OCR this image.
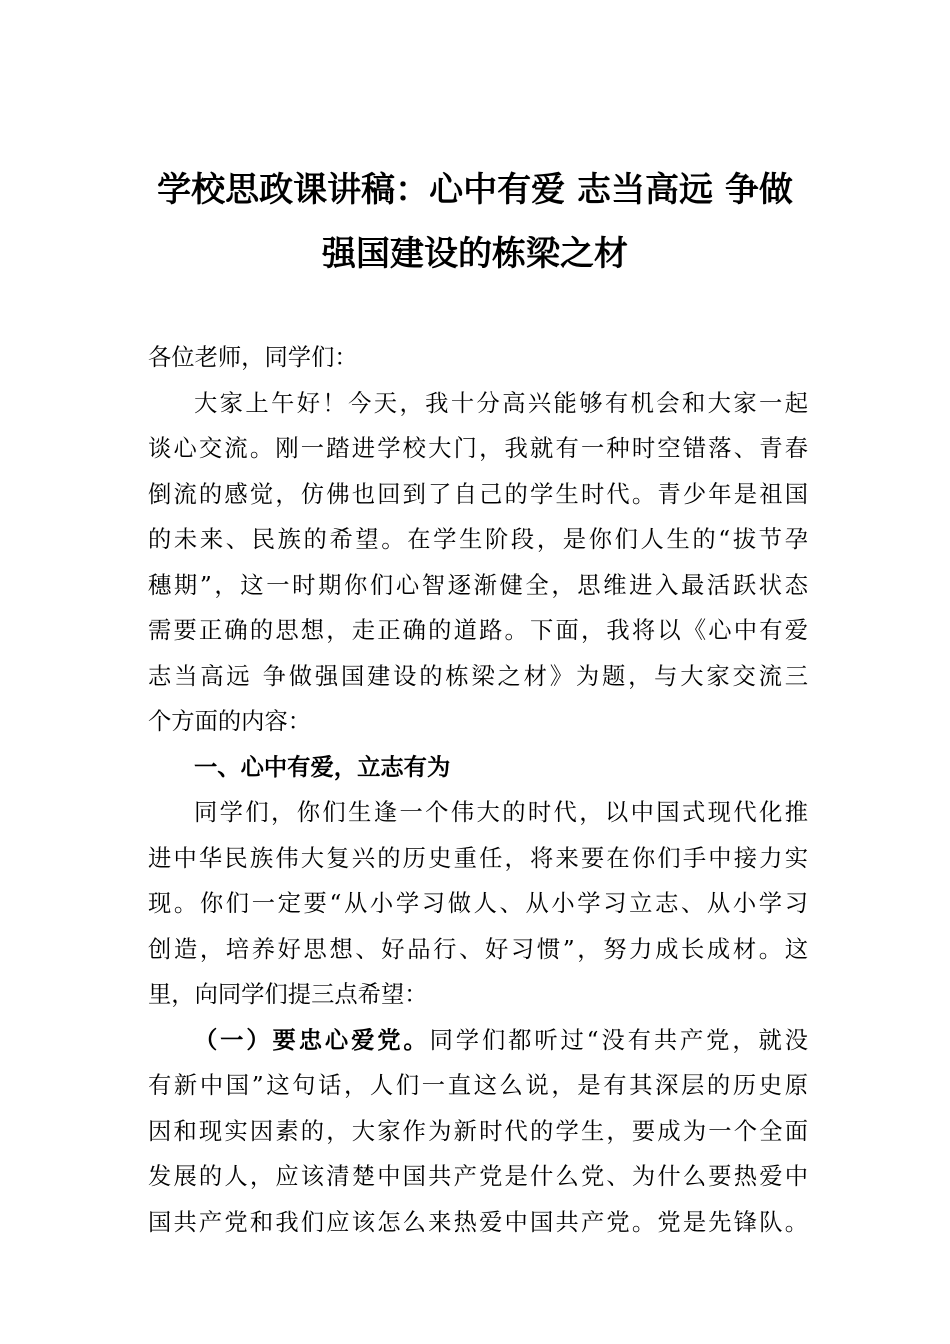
学校思政课讲稿：心中有爱 志当高远 争做
强国建设的栋梁之材
各位老师，同学们：
大家上午好！今天，我十分高兴能够有机会和大家一起
谈心交流。刚一踏进学校大门，我就有一种时空错落、青春
倒流的感觉，仿佛也回到了自己的学生时代。青少年是祖国
的未来、民族的希望。在学生阶段，是你们人生的“拔节孕
穗期”，这一时期你们心智逐渐健全，思维进入最活跃状态
需要正确的思想，走正确的道路。下面，我将以《心中有爱
志当高远 争做强国建设的栋梁之材》为题，与大家交流三
个方面的内容：
一、心中有爱，立志有为
同学们，你们生逢一个伟大的时代，以中国式现代化推
进中华民族伟大复兴的历史重任，将来要在你们手中接力实
现。你们一定要“从小学习做人、从小学习立志、从小学习
创造，培养好思想、好品行、好习惯”，努力成长成材。这
里，向同学们提三点希望：
（一）要忠心爱党。同学们都听过“没有共产党，就没
有新中国”这句话，人们一直这么说，是有其深层的历史原
因和现实因素的，大家作为新时代的学生，要成为一个全面
发展的人，应该清楚中国共产党是什么党、为什么要热爱中
国共产党和我们应该怎么来热爱中国共产党。党是先锋队。
